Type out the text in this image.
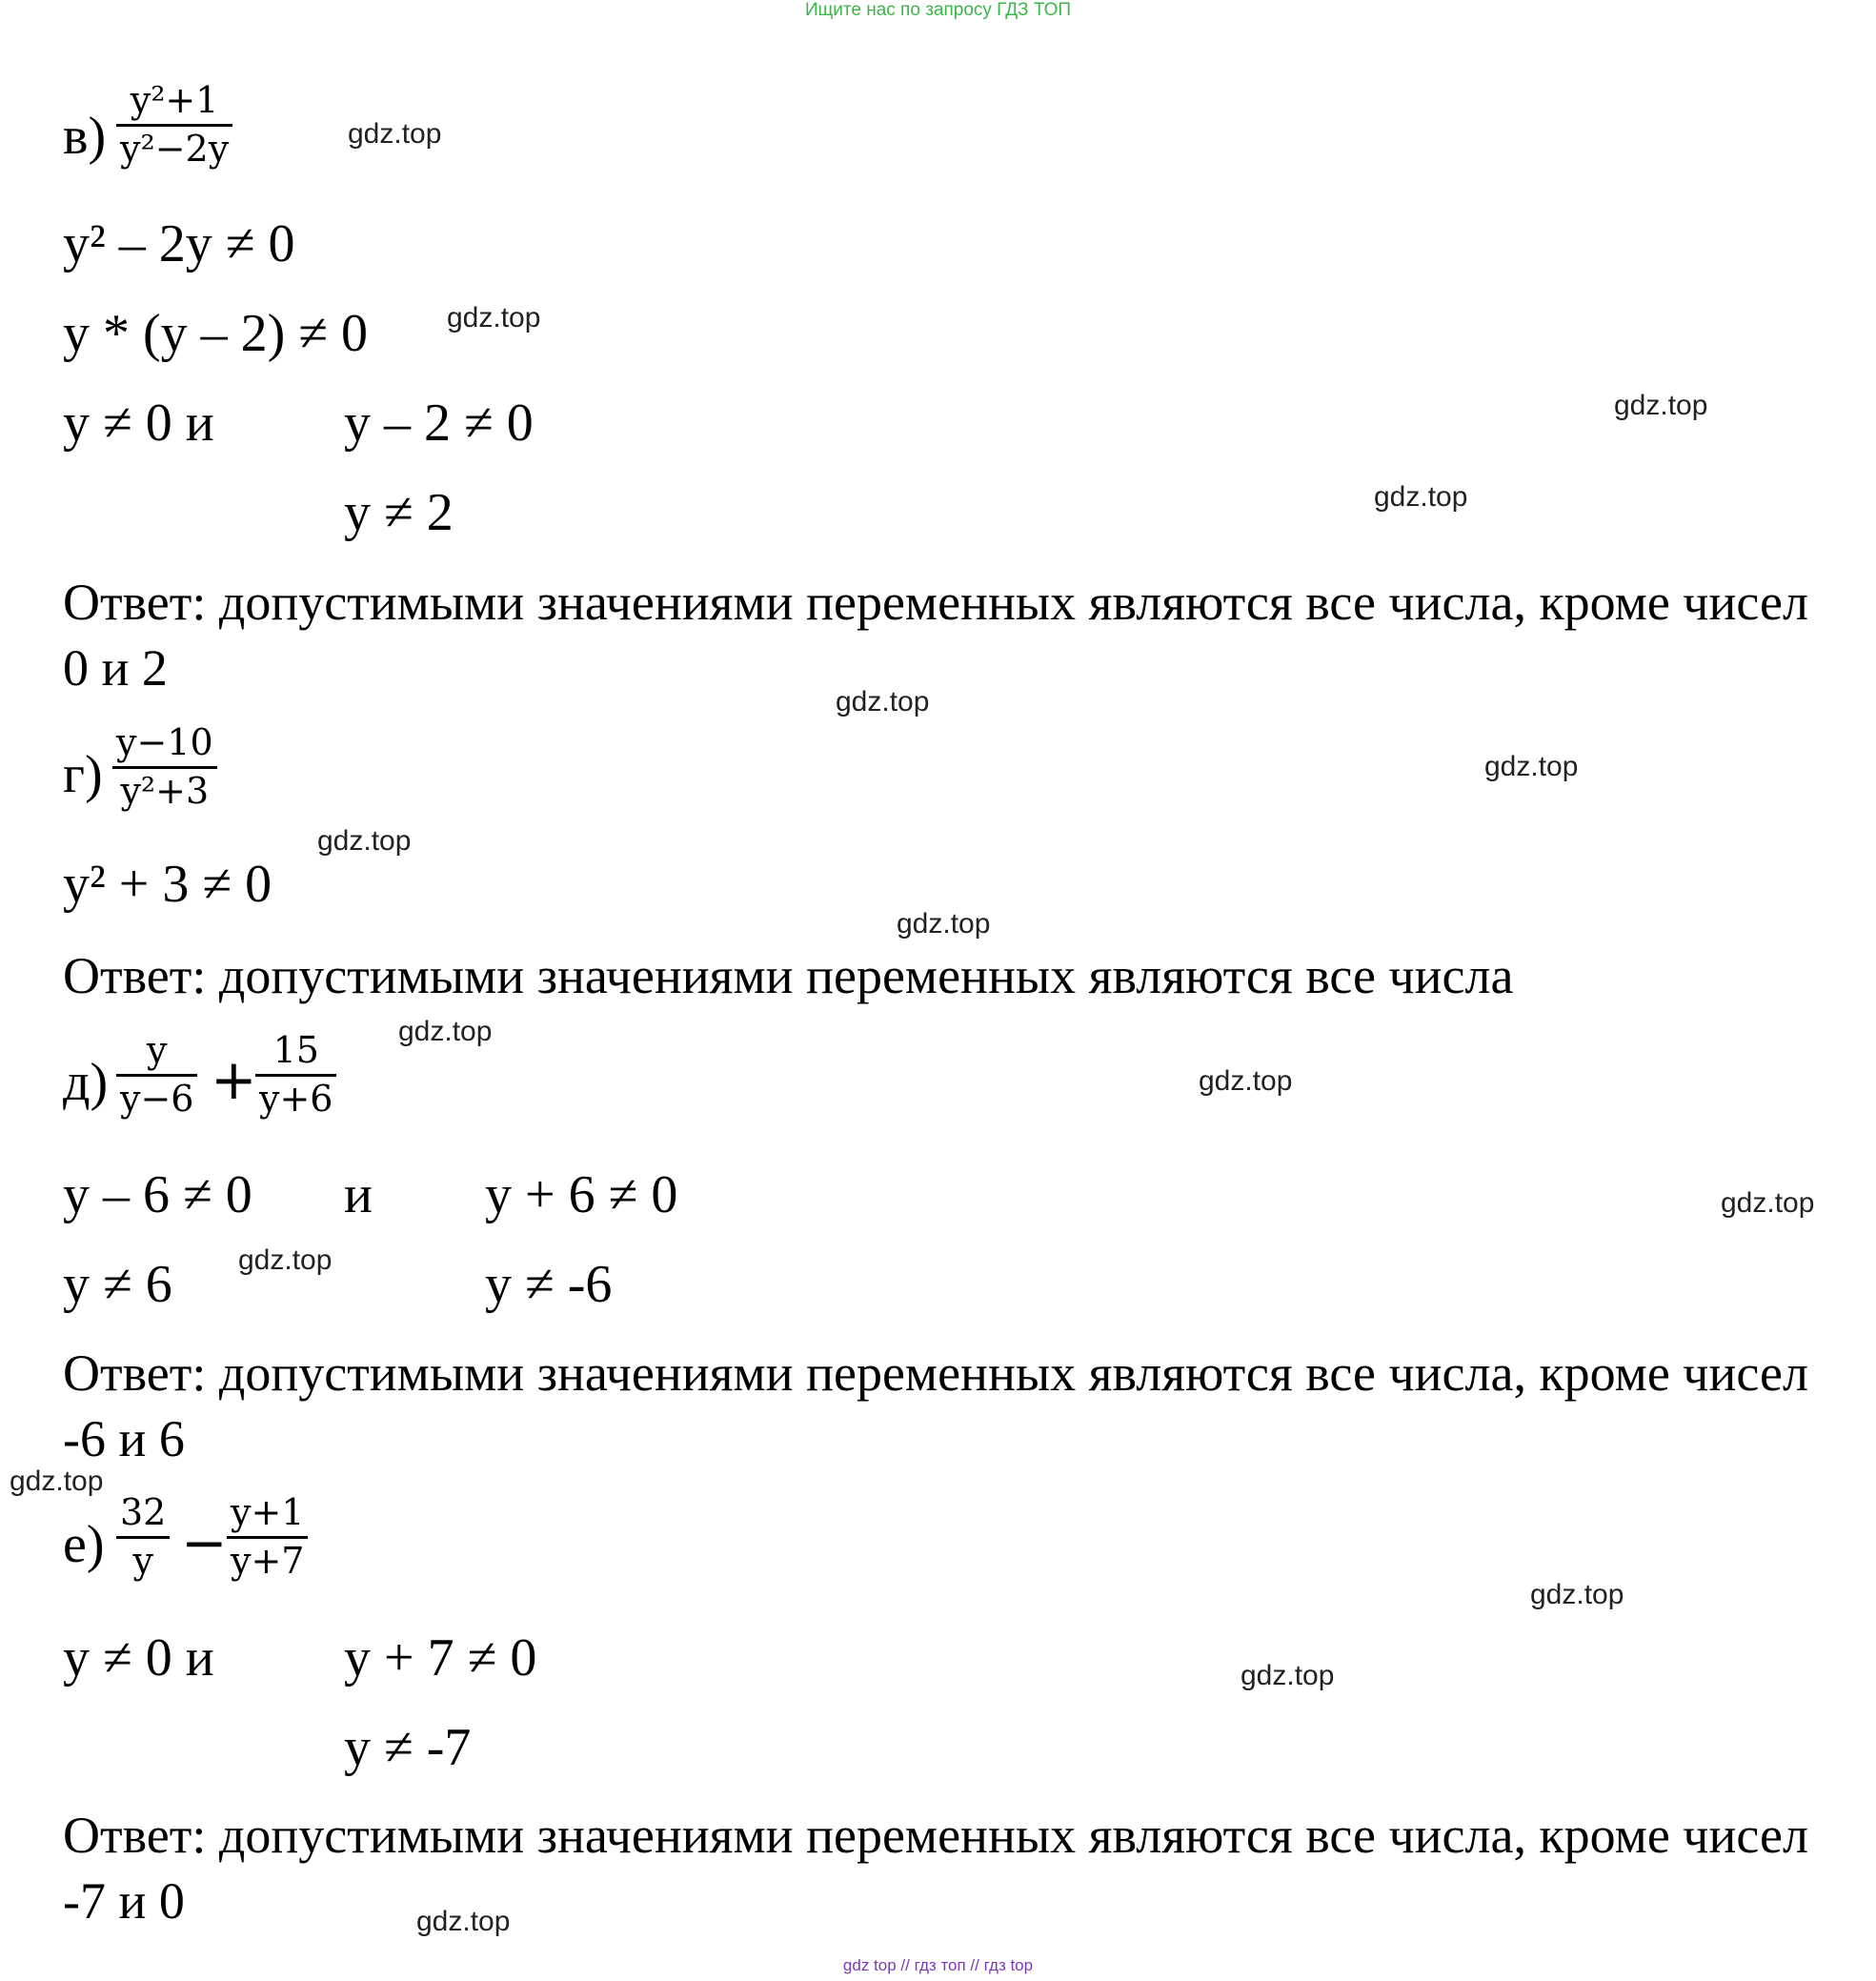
Ищите нас по запросу ГДЗ ТОП
в)
y²+1
y²−2y
y² – 2y ≠ 0
y * (y – 2) ≠ 0
y ≠ 0 и y – 2 ≠ 0
y ≠ 2
Ответ: допустимыми значениями переменных являются все числа, кроме чисел 0 и 2
г)
y−10
y²+3
y² + 3 ≠ 0
Ответ: допустимыми значениями переменных являются все числа
д)
y
y−6 + 15
y+6
y – 6 ≠ 0 и y + 6 ≠ 0
y ≠ 6	y ≠ -6
Ответ: допустимыми значениями переменных являются все числа, кроме чисел -6 и 6
е)
32
y − y+1
y+7
y ≠ 0 и y + 7 ≠ 0
y ≠ -7
Ответ: допустимыми значениями переменных являются все числа, кроме чисел -7 и 0
gdz.top
gdz.top
gdz.top
gdz.top
gdz.top
gdz.top
gdz.top
gdz.top
gdz.top
gdz.top
gdz.top
gdz.top
gdz.top
gdz.top
gdz.top
gdz.top
gdz top // гдз топ // гдз top
